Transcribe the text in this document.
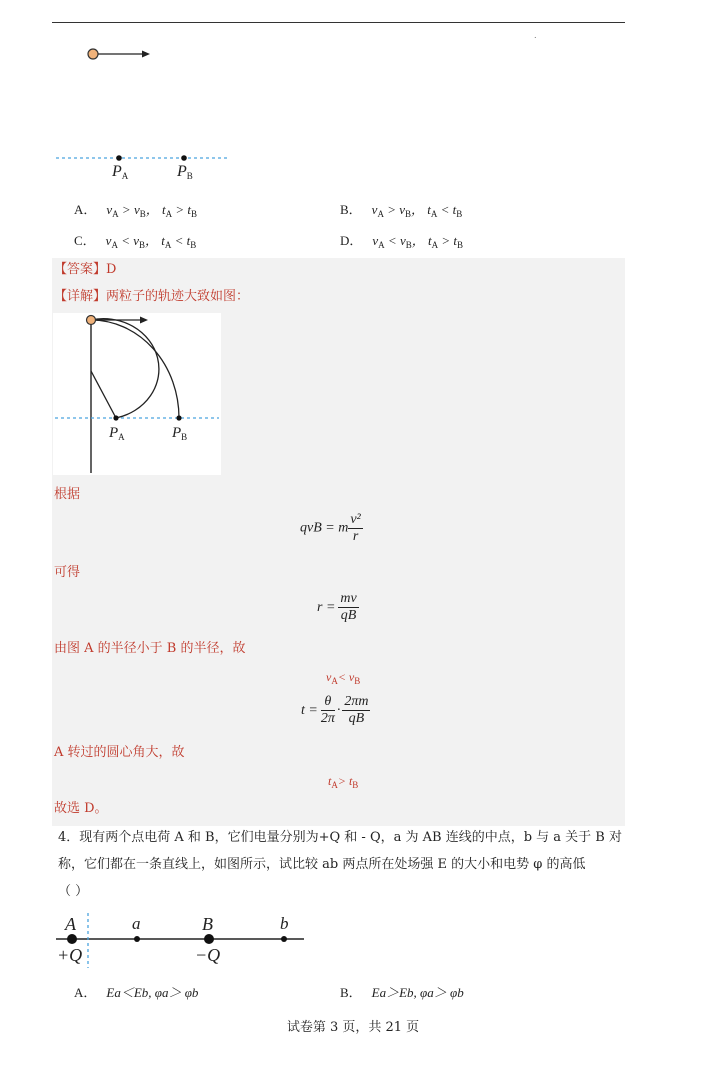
.
$P_A$	$P_B$
A． $v_A > v_B$， $t_A > t_B$	B． $v_A > v_B$， $t_A < t_B$
C． $v_A < v_B$， $t_A < t_B$	D． $v_A < v_B$， $t_A > t_B$
【答案】D
【详解】两粒子的轨迹大致如图：
$P_A$	$P_B$
根据
qvB = m $\frac{\text{v²}}{r}$
可得
$r = \frac{mv}{qB}$
由图 A 的半径小于 B 的半径，故
$v_A< v_B$
$t = \frac{\theta}{2\pi} \cdot \frac{2\pi m}{qB}$
A 转过的圆心角大，故
$t_A> t_B$
故选 D。
4．现有两个点电荷 A 和 B，它们电量分别为+Q 和 - Q，a 为 AB 连线的中点，b 与 a 关于 B 对
称，它们都在一条直线上，如图所示，试比较 ab 两点所在处场强 E 的大小和电势 φ 的高低
（ ）
A	a	B	b
+Q	−Q
A． Ea＜Eb, φa＞ φb	B． Ea＞Eb, φa＞ φb
试卷第 3 页，共 21 页
